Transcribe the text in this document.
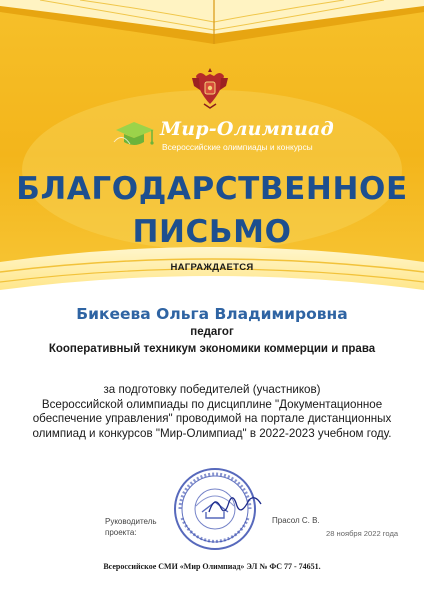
Мир-Олимпиад
Всероссийские олимпиады и конкурсы
БЛАГОДАРСТВЕННОЕ
ПИСЬМО
НАГРАЖДАЕТСЯ
Бикеева Ольга Владимировна
педагог
Кооперативный техникум экономики коммерции и права
за подготовку победителей (участников)
Всероссийской олимпиады по дисциплине "Документационное
обеспечение управления" проводимой на портале дистанционных
олимпиад и конкурсов "Мир-Олимпиад" в 2022-2023 учебном году.
Руководитель проекта:
Прасол С. В.
28 ноября 2022 года
Всероссийское СМИ «Мир Олимпиад» ЭЛ № ФС 77 - 74651.
